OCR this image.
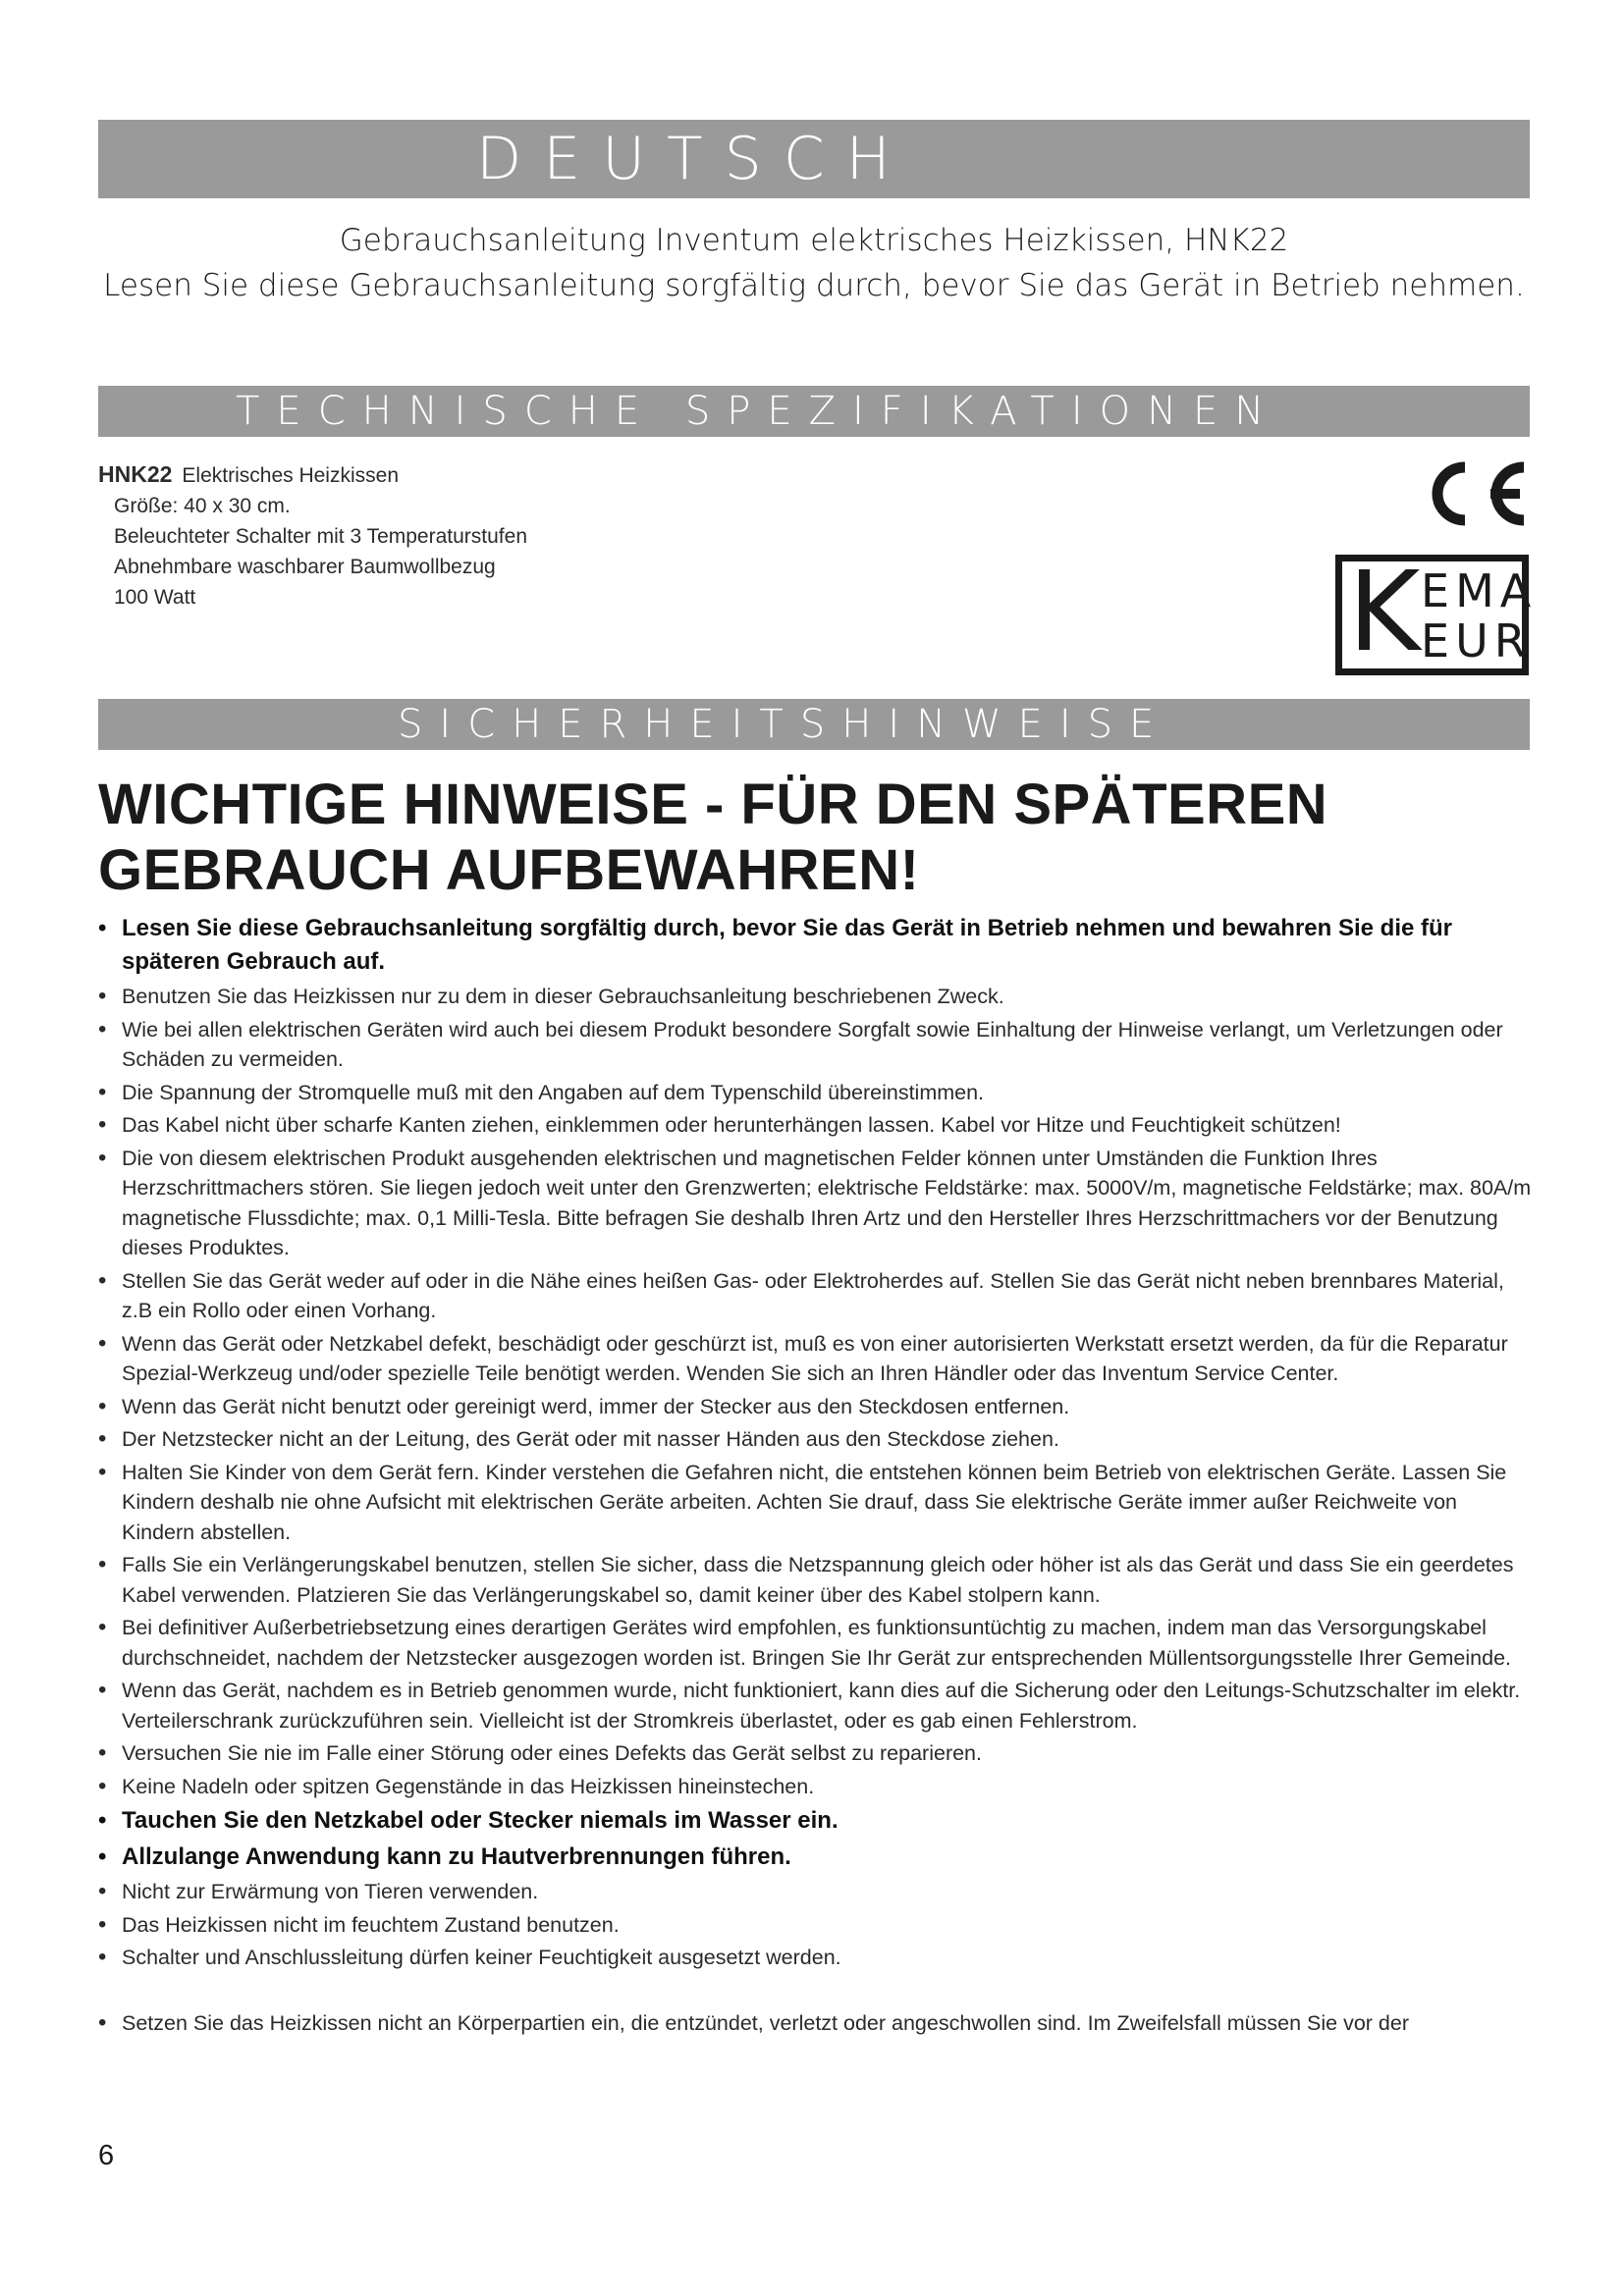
DEUTSCH
Gebrauchsanleitung Inventum elektrisches Heizkissen, HNK22
Lesen Sie diese Gebrauchsanleitung sorgfältig durch, bevor Sie das Gerät in Betrieb nehmen.
TECHNISCHE SPEZIFIKATIONEN
HNK22 Elektrisches Heizkissen
Größe: 40 x 30 cm.
Beleuchteter Schalter mit 3 Temperaturstufen
Abnehmbare waschbarer Baumwollbezug
100 Watt	K EMA
EUR
SICHERHEITSHINWEISE
WICHTIGE HINWEISE - FÜR DEN SPÄTEREN
GEBRAUCH AUFBEWAHREN!
• Lesen Sie diese Gebrauchsanleitung sorgfältig durch, bevor Sie das Gerät in Betrieb nehmen und bewahren Sie die für späteren Gebrauch auf.
• Benutzen Sie das Heizkissen nur zu dem in dieser Gebrauchsanleitung beschriebenen Zweck.
• Wie bei allen elektrischen Geräten wird auch bei diesem Produkt besondere Sorgfalt sowie Einhaltung der Hinweise verlangt, um Verletzungen oder Schäden zu vermeiden.
• Die Spannung der Stromquelle muß mit den Angaben auf dem Typenschild übereinstimmen.
• Das Kabel nicht über scharfe Kanten ziehen, einklemmen oder herunterhängen lassen. Kabel vor Hitze und Feuchtigkeit schützen!
• Die von diesem elektrischen Produkt ausgehenden elektrischen und magnetischen Felder können unter Umständen die Funktion Ihres Herzschrittmachers stören. Sie liegen jedoch weit unter den Grenzwerten; elektrische Feldstärke: max. 5000V/m, magnetische Feldstärke; max. 80A/m magnetische Flussdichte; max. 0,1 Milli-Tesla. Bitte befragen Sie deshalb Ihren Artz und den Hersteller Ihres Herzschrittmachers vor der Benutzung dieses Produktes.
• Stellen Sie das Gerät weder auf oder in die Nähe eines heißen Gas- oder Elektroherdes auf. Stellen Sie das Gerät nicht neben brennbares Material, z.B ein Rollo oder einen Vorhang.
• Wenn das Gerät oder Netzkabel defekt, beschädigt oder geschürzt ist, muß es von einer autorisierten Werkstatt ersetzt werden, da für die Reparatur Spezial-Werkzeug und/oder spezielle Teile benötigt werden. Wenden Sie sich an Ihren Händler oder das Inventum Service Center.
• Wenn das Gerät nicht benutzt oder gereinigt werd, immer der Stecker aus den Steckdosen entfernen.
• Der Netzstecker nicht an der Leitung, des Gerät oder mit nasser Händen aus den Steckdose ziehen.
• Halten Sie Kinder von dem Gerät fern. Kinder verstehen die Gefahren nicht, die entstehen können beim Betrieb von elektrischen Geräte. Lassen Sie Kindern deshalb nie ohne Aufsicht mit elektrischen Geräte arbeiten. Achten Sie drauf, dass Sie elektrische Geräte immer außer Reichweite von Kindern abstellen.
• Falls Sie ein Verlängerungskabel benutzen, stellen Sie sicher, dass die Netzspannung gleich oder höher ist als das Gerät und dass Sie ein geerdetes Kabel verwenden. Platzieren Sie das Verlängerungskabel so, damit keiner über des Kabel stolpern kann.
• Bei definitiver Außerbetriebsetzung eines derartigen Gerätes wird empfohlen, es funktionsuntüchtig zu machen, indem man das Versorgungskabel durchschneidet, nachdem der Netzstecker ausgezogen worden ist. Bringen Sie Ihr Gerät zur entsprechenden Müllentsorgungsstelle Ihrer Gemeinde.
• Wenn das Gerät, nachdem es in Betrieb genommen wurde, nicht funktioniert, kann dies auf die Sicherung oder den Leitungs-Schutzschalter im elektr. Verteilerschrank zurückzuführen sein. Vielleicht ist der Stromkreis überlastet, oder es gab einen Fehlerstrom.
• Versuchen Sie nie im Falle einer Störung oder eines Defekts das Gerät selbst zu reparieren.
• Keine Nadeln oder spitzen Gegenstände in das Heizkissen hineinstechen.
• Tauchen Sie den Netzkabel oder Stecker niemals im Wasser ein.
• Allzulange Anwendung kann zu Hautverbrennungen führen.
• Nicht zur Erwärmung von Tieren verwenden.
• Das Heizkissen nicht im feuchtem Zustand benutzen.
• Schalter und Anschlussleitung dürfen keiner Feuchtigkeit ausgesetzt werden.
• Setzen Sie das Heizkissen nicht an Körperpartien ein, die entzündet, verletzt oder angeschwollen sind. Im Zweifelsfall müssen Sie vor der
6
